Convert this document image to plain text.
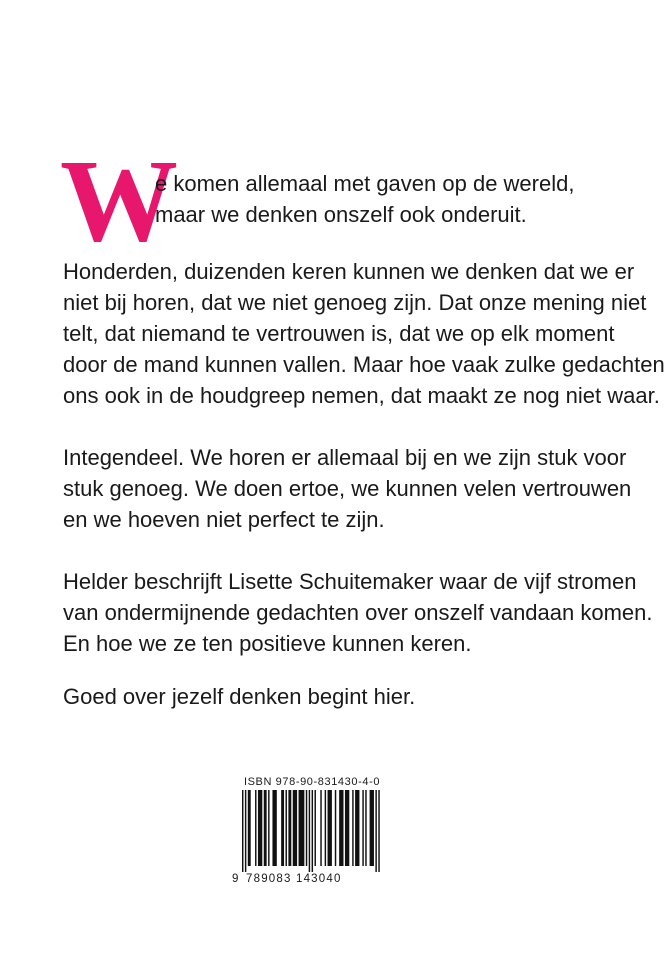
W
e komen allemaal met gaven op de wereld,
maar we denken onszelf ook onderuit.
Honderden, duizenden keren kunnen we denken dat we er
niet bij horen, dat we niet genoeg zijn. Dat onze mening niet
telt, dat niemand te vertrouwen is, dat we op elk moment
door de mand kunnen vallen. Maar hoe vaak zulke gedachten
ons ook in de houdgreep nemen, dat maakt ze nog niet waar.
Integendeel. We horen er allemaal bij en we zijn stuk voor
stuk genoeg. We doen ertoe, we kunnen velen vertrouwen
en we hoeven niet perfect te zijn.
Helder beschrijft Lisette Schuitemaker waar de vijf stromen
van ondermijnende gedachten over onszelf vandaan komen.
En hoe we ze ten positieve kunnen keren.
Goed over jezelf denken begint hier.
ISBN 978-90-831430-4-0
9 789083 143040
